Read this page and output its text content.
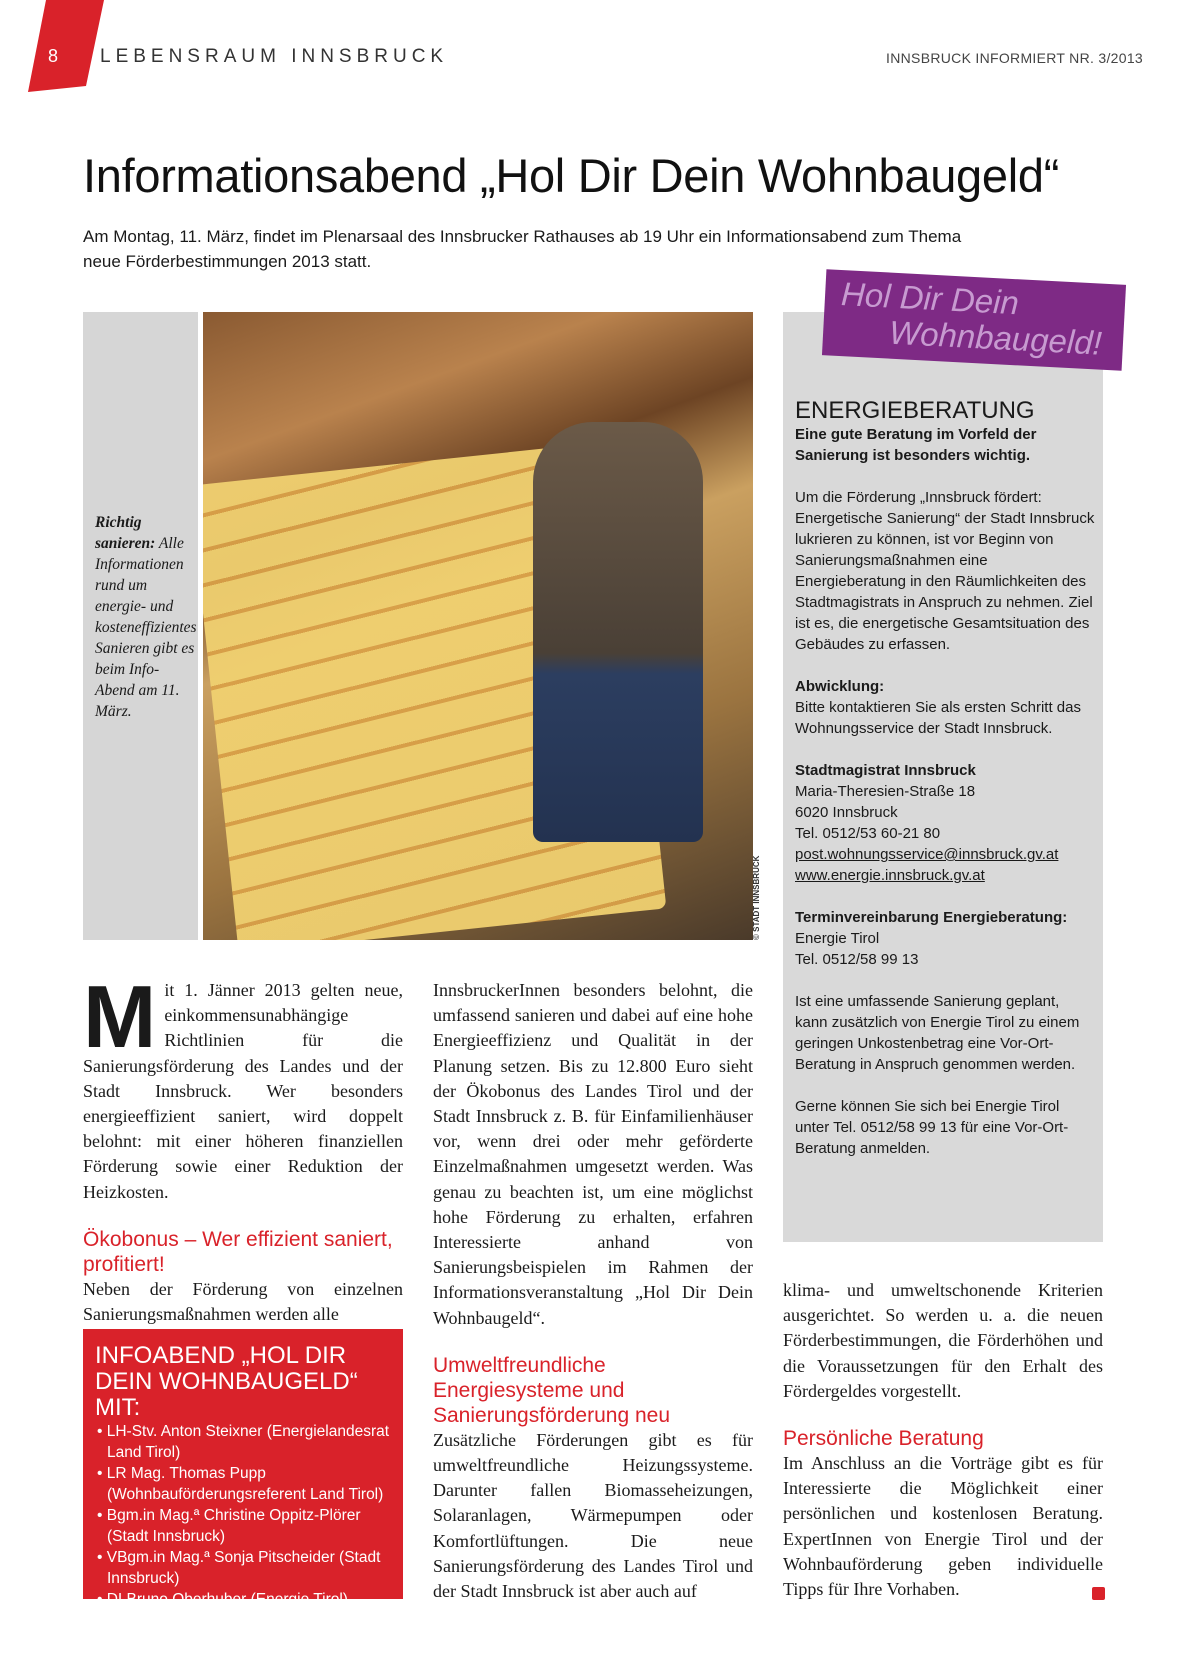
8 LEBENSRAUM INNSBRUCK	INNSBRUCK INFORMIERT NR. 3/2013
Informationsabend „Hol Dir Dein Wohnbaugeld“

Am Montag, 11. März, findet im Plenarsaal des Innsbrucker Rathauses ab 19 Uhr ein Informationsabend zum Thema neue Förderbestimmungen 2013 statt.

Richtig sanieren: Alle Informationen rund um energie- und kosteneffizientes Sanieren gibt es beim Info-Abend am 11. März.

© STADT INNSBRUCK
Hol Dir Dein
Wohnbaugeld!
ENERGIEBERATUNG

Eine gute Beratung im Vorfeld der Sanierung ist besonders wichtig.

Um die Förderung „Innsbruck fördert: Energetische Sanierung“ der Stadt Innsbruck lukrieren zu können, ist vor Beginn von Sanierungsmaßnahmen eine Energieberatung in den Räumlichkeiten des Stadtmagistrats in Anspruch zu nehmen. Ziel ist es, die energetische Gesamtsituation des Gebäudes zu erfassen.

Abwicklung:
Bitte kontaktieren Sie als ersten Schritt das Wohnungsservice der Stadt Innsbruck.

Stadtmagistrat Innsbruck
Maria-Theresien-Straße 18
6020 Innsbruck
Tel. 0512/53 60-21 80
post.wohnungsservice@innsbruck.gv.at
www.energie.innsbruck.gv.at

Terminvereinbarung Energieberatung:
Energie Tirol
Tel. 0512/58 99 13

Ist eine umfassende Sanierung geplant, kann zusätzlich von Energie Tirol zu einem geringen Unkostenbetrag eine Vor-Ort-Beratung in Anspruch genommen werden.

Gerne können Sie sich bei Energie Tirol unter Tel. 0512/58 99 13 für eine Vor-Ort-Beratung anmelden.

Mit 1. Jänner 2013 gelten neue, einkommensunabhängige Richtlinien für die Sanierungsförderung des Landes und der Stadt Innsbruck. Wer besonders energieeffizient saniert, wird doppelt belohnt: mit einer höheren finanziellen Förderung sowie einer Reduktion der Heizkosten.

Ökobonus – Wer effizient saniert, profitiert!

Neben der Förderung von einzelnen Sanierungsmaßnahmen werden alle

INFOABEND „HOL DIR DEIN WOHNBAUGELD“ MIT:
• LH-Stv. Anton Steixner (Energielandesrat Land Tirol)
• LR Mag. Thomas Pupp (Wohnbauförderungsreferent Land Tirol)
• Bgm.in Mag.ª Christine Oppitz-Plörer (Stadt Innsbruck)
• VBgm.in Mag.ª Sonja Pitscheider (Stadt Innsbruck)
• DI Bruno Oberhuber (Energie Tirol)

InnsbruckerInnen besonders belohnt, die umfassend sanieren und dabei auf eine hohe Energieeffizienz und Qualität in der Planung setzen. Bis zu 12.800 Euro sieht der Ökobonus des Landes Tirol und der Stadt Innsbruck z. B. für Einfamilienhäuser vor, wenn drei oder mehr geförderte Einzelmaßnahmen umgesetzt werden. Was genau zu beachten ist, um eine möglichst hohe Förderung zu erhalten, erfahren Interessierte anhand von Sanierungsbeispielen im Rahmen der Informationsveranstaltung „Hol Dir Dein Wohnbaugeld“.

Umweltfreundliche Energiesysteme und Sanierungsförderung neu

Zusätzliche Förderungen gibt es für umweltfreundliche Heizungssysteme. Darunter fallen Biomasseheizungen, Solaranlagen, Wärmepumpen oder Komfortlüftungen. Die neue Sanierungsförderung des Landes Tirol und der Stadt Innsbruck ist aber auch auf

klima- und umweltschonende Kriterien ausgerichtet. So werden u. a. die neuen Förderbestimmungen, die Förderhöhen und die Voraussetzungen für den Erhalt des Fördergeldes vorgestellt.

Persönliche Beratung

Im Anschluss an die Vorträge gibt es für Interessierte die Möglichkeit einer persönlichen und kostenlosen Beratung. ExpertInnen von Energie Tirol und der Wohnbauförderung geben individuelle Tipps für Ihre Vorhaben.
